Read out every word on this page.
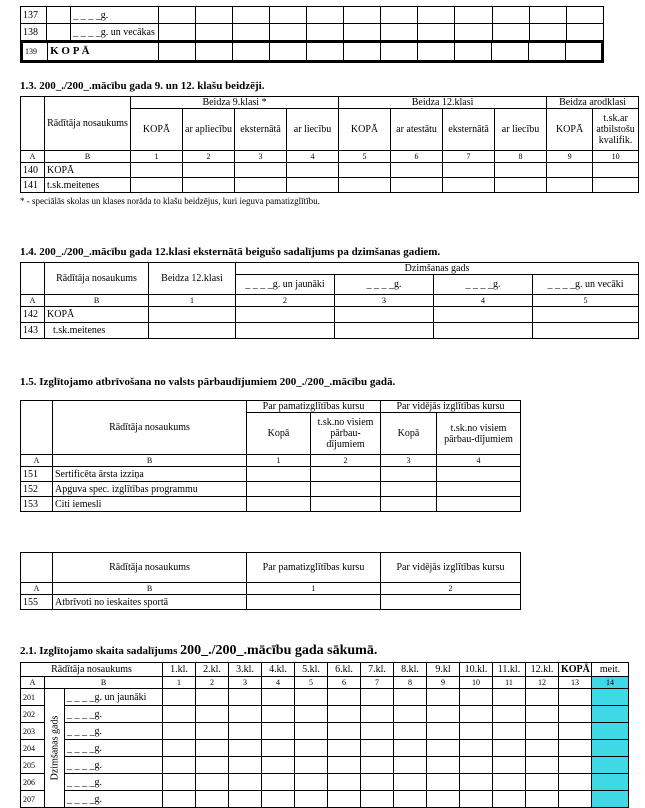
137		_ _ _ _g.												
138		_ _ _ _g. un vecākas												
139	K O P Ā												
1.3. 200_./200_.mācību gada 9. un 12. klašu beidzēji.
	Rādītāja nosaukums	Beidza 9.klasi *				Beidza 12.klasi				Beidza arodklasi	
		KOPĀ	ar apliecību	eksternātā	ar liecību	KOPĀ	ar atestātu	eksternātā	ar liecību	KOPĀ	t.sk.ar atbilstošu kvalifik.
A	B	1	2	3	4	5	6	7	8	9	10
140	KOPĀ										
141	t.sk.meitenes										
* - speciālās skolas un klases norāda to klašu beidzējus, kuri ieguva pamatizglītību.
1.4. 200_./200_.mācību gada 12.klasi eksternātā beigušo sadalījums pa dzimšanas gadiem.
	Rādītāja nosaukums	Beidza 12.klasi	Dzimšanas gads			
			_ _ _ _g. un jaunāki	_ _ _ _g.	_ _ _ _g.	_ _ _ _g. un vecāki
A	B	1	2	3	4	5
142	KOPĀ					
143	t.sk.meitenes					
1.5. Izglītojamo atbrīvošana no valsts pārbaudījumiem 200_./200_.mācību gadā.
	Rādītāja nosaukums	Par pamatizglītības kursu		Par vidējās izglītības kursu	
		Kopā	t.sk.no visiem pārbau-dījumiem	Kopā	t.sk.no visiem pārbau-dījumiem
A	B	1	2	3	4
151	Sertificēta ārsta izziņa				
152	Apguva spec. izglītības programmu				
153	Citi iemesli				
	Rādītāja nosaukums	Par pamatizglītības kursu	Par vidējās izglītības kursu
A	B	1	2
155	Atbrīvoti no ieskaites sportā		
2.1. Izglītojamo skaita sadalījums 200_./200_.mācību gada sākumā.
Rādītāja nosaukums			1.kl.	2.kl.	3.kl.	4.kl.	5.kl.	6.kl.	7.kl.	8.kl.	9.kl	10.kl.	11.kl.	12.kl.	KOPĀ	meit.
A	B		1	2	3	4	5	6	7	8	9	10	11	12	13	14
201	Dzimšanas gads	_ _ _ _g. un jaunāki														
202		_ _ _ _g.														
203		_ _ _ _g.														
204		_ _ _ _g.														
205		_ _ _ _g.														
206		_ _ _ _g.														
207		_ _ _ _g.														
